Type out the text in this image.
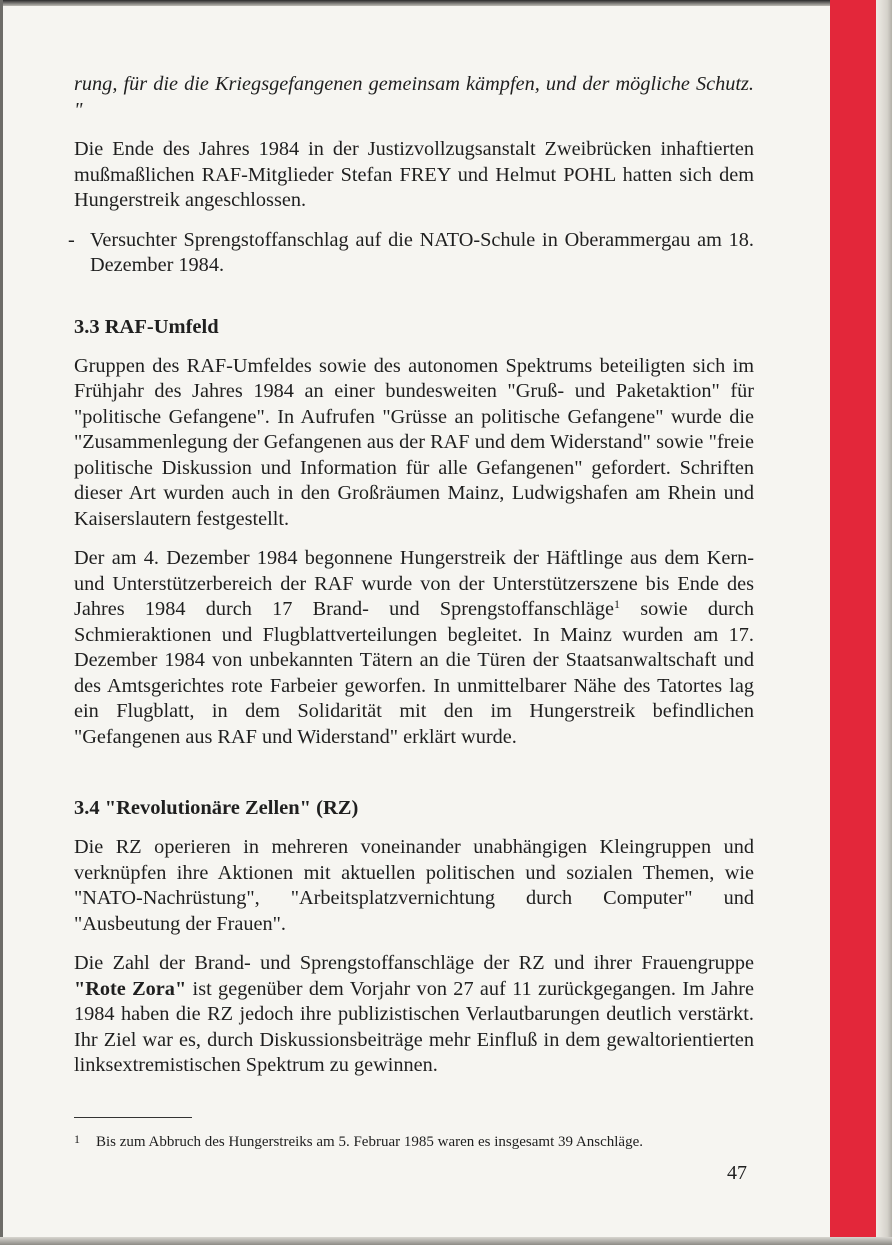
rung, für die die Kriegsgefangenen gemeinsam kämpfen, und der mögliche Schutz. "

Die Ende des Jahres 1984 in der Justizvollzugsanstalt Zweibrücken inhaftierten mußmaßlichen RAF-Mitglieder Stefan FREY und Helmut POHL hatten sich dem Hungerstreik angeschlossen.

- Versuchter Sprengstoffanschlag auf die NATO-Schule in Oberammergau am 18. Dezember 1984.

3.3 RAF-Umfeld

Gruppen des RAF-Umfeldes sowie des autonomen Spektrums beteiligten sich im Frühjahr des Jahres 1984 an einer bundesweiten "Gruß- und Paketaktion" für "politische Gefangene". In Aufrufen "Grüsse an politische Gefangene" wurde die "Zusammenlegung der Gefangenen aus der RAF und dem Widerstand" sowie "freie politische Diskussion und Information für alle Gefangenen" gefordert. Schriften dieser Art wurden auch in den Großräumen Mainz, Ludwigshafen am Rhein und Kaiserslautern festgestellt.

Der am 4. Dezember 1984 begonnene Hungerstreik der Häftlinge aus dem Kern- und Unterstützerbereich der RAF wurde von der Unterstützerszene bis Ende des Jahres 1984 durch 17 Brand- und Sprengstoffanschläge$^1$ sowie durch Schmieraktionen und Flugblattverteilungen begleitet. In Mainz wurden am 17. Dezember 1984 von unbekannten Tätern an die Türen der Staatsanwaltschaft und des Amtsgerichtes rote Farbeier geworfen. In unmittelbarer Nähe des Tatortes lag ein Flugblatt, in dem Solidarität mit den im Hungerstreik befindlichen "Gefangenen aus RAF und Widerstand" erklärt wurde.

3.4 "Revolutionäre Zellen" (RZ)

Die RZ operieren in mehreren voneinander unabhängigen Kleingruppen und verknüpfen ihre Aktionen mit aktuellen politischen und sozialen Themen, wie "NATO-Nachrüstung", "Arbeitsplatzvernichtung durch Computer" und "Ausbeutung der Frauen".

Die Zahl der Brand- und Sprengstoffanschläge der RZ und ihrer Frauengruppe "Rote Zora" ist gegenüber dem Vorjahr von 27 auf 11 zurückgegangen. Im Jahre 1984 haben die RZ jedoch ihre publizistischen Verlautbarungen deutlich verstärkt. Ihr Ziel war es, durch Diskussionsbeiträge mehr Einfluß in dem gewaltorientierten linksextremistischen Spektrum zu gewinnen.

1 Bis zum Abbruch des Hungerstreiks am 5. Februar 1985 waren es insgesamt 39 Anschläge.
47
